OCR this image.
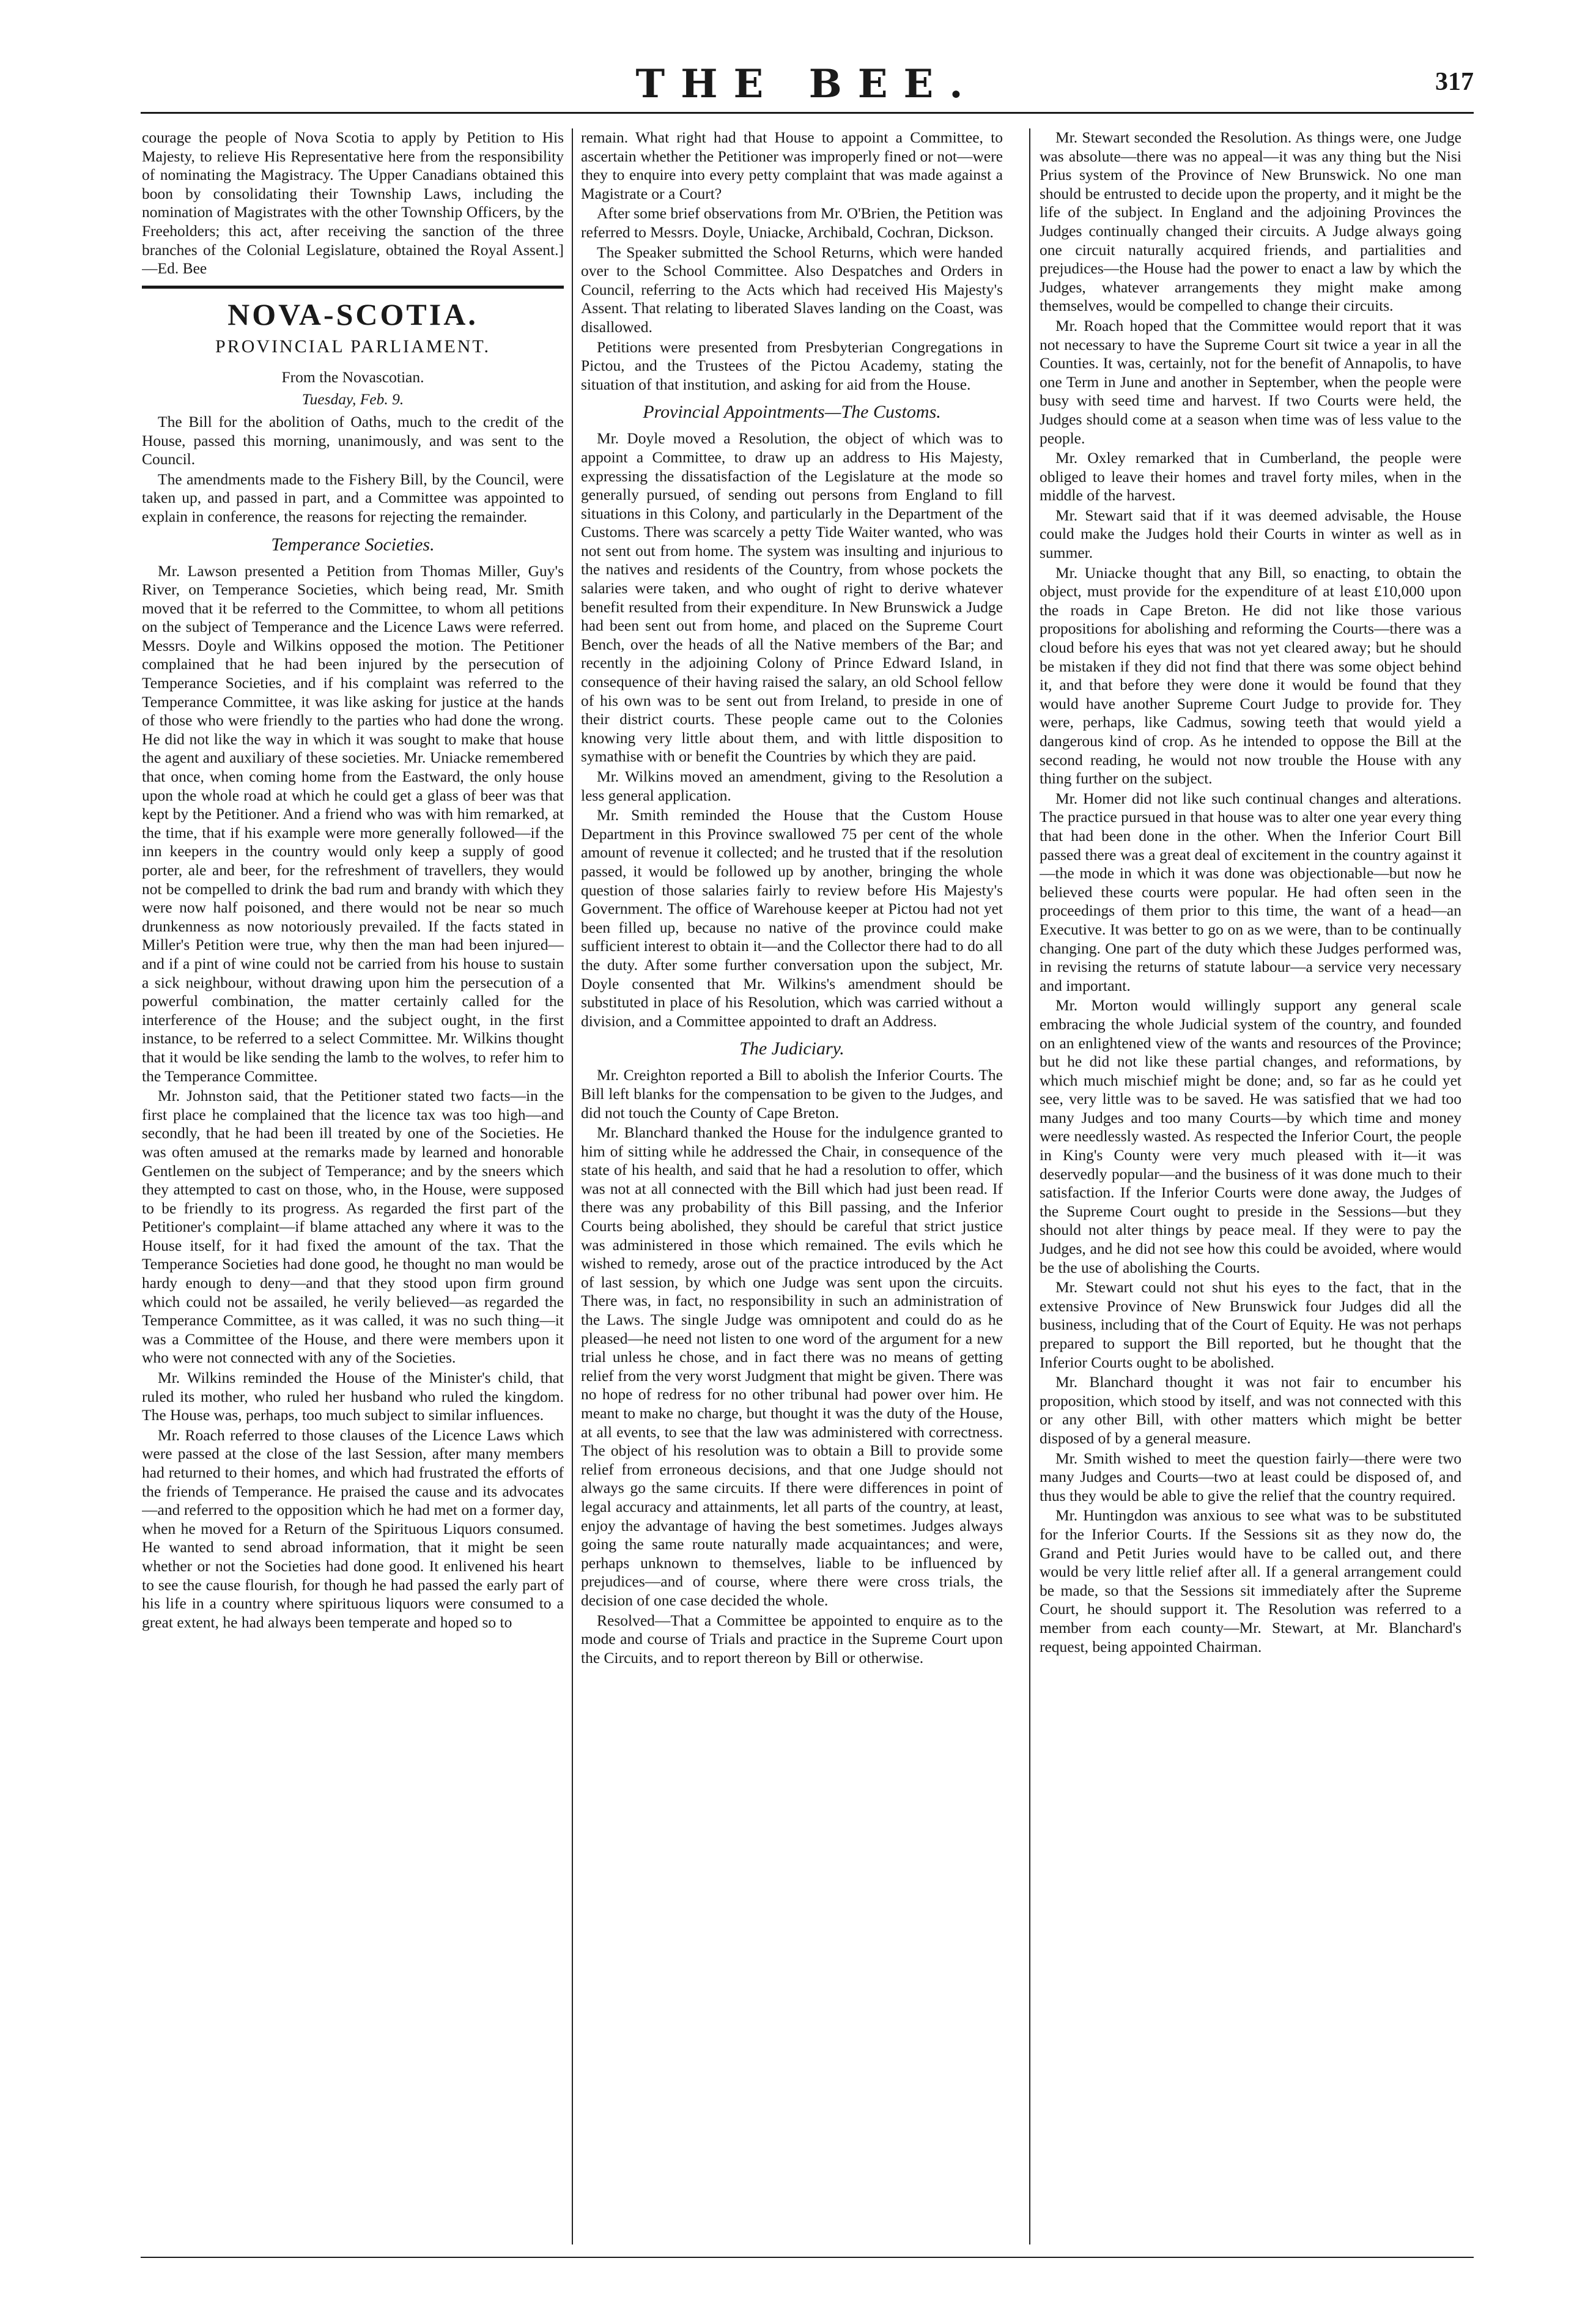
THE BEE.	317

courage the people of Nova Scotia to apply by Petition to His Majesty, to relieve His Representative here from the responsibility of nominating the Magistracy. The Upper Canadians obtained this boon by consolidating their Township Laws, including the nomination of Magistrates with the other Township Officers, by the Freeholders; this act, after receiving the sanction of the three branches of the Colonial Legislature, obtained the Royal Assent.]—Ed. Bee

NOVA-SCOTIA.
PROVINCIAL PARLIAMENT.

From the Novascotian.

Tuesday, Feb. 9.

The Bill for the abolition of Oaths, much to the credit of the House, passed this morning, unanimously, and was sent to the Council.

The amendments made to the Fishery Bill, by the Council, were taken up, and passed in part, and a Committee was appointed to explain in conference, the reasons for rejecting the remainder.

Temperance Societies.

Mr. Lawson presented a Petition from Thomas Miller, Guy's River, on Temperance Societies, which being read, Mr. Smith moved that it be referred to the Committee, to whom all petitions on the subject of Temperance and the Licence Laws were referred. Messrs. Doyle and Wilkins opposed the motion. The Petitioner complained that he had been injured by the persecution of Temperance Societies, and if his complaint was referred to the Temperance Committee, it was like asking for justice at the hands of those who were friendly to the parties who had done the wrong. He did not like the way in which it was sought to make that house the agent and auxiliary of these societies. Mr. Uniacke remembered that once, when coming home from the Eastward, the only house upon the whole road at which he could get a glass of beer was that kept by the Petitioner. And a friend who was with him remarked, at the time, that if his example were more generally followed—if the inn keepers in the country would only keep a supply of good porter, ale and beer, for the refreshment of travellers, they would not be compelled to drink the bad rum and brandy with which they were now half poisoned, and there would not be near so much drunkenness as now notoriously prevailed. If the facts stated in Miller's Petition were true, why then the man had been injured—and if a pint of wine could not be carried from his house to sustain a sick neighbour, without drawing upon him the persecution of a powerful combination, the matter certainly called for the interference of the House; and the subject ought, in the first instance, to be referred to a select Committee. Mr. Wilkins thought that it would be like sending the lamb to the wolves, to refer him to the Temperance Committee.

Mr. Johnston said, that the Petitioner stated two facts—in the first place he complained that the licence tax was too high—and secondly, that he had been ill treated by one of the Societies. He was often amused at the remarks made by learned and honorable Gentlemen on the subject of Temperance; and by the sneers which they attempted to cast on those, who, in the House, were supposed to be friendly to its progress. As regarded the first part of the Petitioner's complaint—if blame attached any where it was to the House itself, for it had fixed the amount of the tax. That the Temperance Societies had done good, he thought no man would be hardy enough to deny—and that they stood upon firm ground which could not be assailed, he verily believed—as regarded the Temperance Committee, as it was called, it was no such thing—it was a Committee of the House, and there were members upon it who were not connected with any of the Societies.

Mr. Wilkins reminded the House of the Minister's child, that ruled its mother, who ruled her husband who ruled the kingdom. The House was, perhaps, too much subject to similar influences.

Mr. Roach referred to those clauses of the Licence Laws which were passed at the close of the last Session, after many members had returned to their homes, and which had frustrated the efforts of the friends of Temperance. He praised the cause and its advocates—and referred to the opposition which he had met on a former day, when he moved for a Return of the Spirituous Liquors consumed. He wanted to send abroad information, that it might be seen whether or not the Societies had done good. It enlivened his heart to see the cause flourish, for though he had passed the early part of his life in a country where spirituous liquors were consumed to a great extent, he had always been temperate and hoped so to

remain. What right had that House to appoint a Committee, to ascertain whether the Petitioner was improperly fined or not—were they to enquire into every petty complaint that was made against a Magistrate or a Court?

After some brief observations from Mr. O'Brien, the Petition was referred to Messrs. Doyle, Uniacke, Archibald, Cochran, Dickson.

The Speaker submitted the School Returns, which were handed over to the School Committee. Also Despatches and Orders in Council, referring to the Acts which had received His Majesty's Assent. That relating to liberated Slaves landing on the Coast, was disallowed.

Petitions were presented from Presbyterian Congregations in Pictou, and the Trustees of the Pictou Academy, stating the situation of that institution, and asking for aid from the House.

Provincial Appointments—The Customs.

Mr. Doyle moved a Resolution, the object of which was to appoint a Committee, to draw up an address to His Majesty, expressing the dissatisfaction of the Legislature at the mode so generally pursued, of sending out persons from England to fill situations in this Colony, and particularly in the Department of the Customs. There was scarcely a petty Tide Waiter wanted, who was not sent out from home. The system was insulting and injurious to the natives and residents of the Country, from whose pockets the salaries were taken, and who ought of right to derive whatever benefit resulted from their expenditure. In New Brunswick a Judge had been sent out from home, and placed on the Supreme Court Bench, over the heads of all the Native members of the Bar; and recently in the adjoining Colony of Prince Edward Island, in consequence of their having raised the salary, an old School fellow of his own was to be sent out from Ireland, to preside in one of their district courts. These people came out to the Colonies knowing very little about them, and with little disposition to symathise with or benefit the Countries by which they are paid.

Mr. Wilkins moved an amendment, giving to the Resolution a less general application.

Mr. Smith reminded the House that the Custom House Department in this Province swallowed 75 per cent of the whole amount of revenue it collected; and he trusted that if the resolution passed, it would be followed up by another, bringing the whole question of those salaries fairly to review before His Majesty's Government. The office of Warehouse keeper at Pictou had not yet been filled up, because no native of the province could make sufficient interest to obtain it—and the Collector there had to do all the duty. After some further conversation upon the subject, Mr. Doyle consented that Mr. Wilkins's amendment should be substituted in place of his Resolution, which was carried without a division, and a Committee appointed to draft an Address.

The Judiciary.

Mr. Creighton reported a Bill to abolish the Inferior Courts. The Bill left blanks for the compensation to be given to the Judges, and did not touch the County of Cape Breton.

Mr. Blanchard thanked the House for the indulgence granted to him of sitting while he addressed the Chair, in consequence of the state of his health, and said that he had a resolution to offer, which was not at all connected with the Bill which had just been read. If there was any probability of this Bill passing, and the Inferior Courts being abolished, they should be careful that strict justice was administered in those which remained. The evils which he wished to remedy, arose out of the practice introduced by the Act of last session, by which one Judge was sent upon the circuits. There was, in fact, no responsibility in such an administration of the Laws. The single Judge was omnipotent and could do as he pleased—he need not listen to one word of the argument for a new trial unless he chose, and in fact there was no means of getting relief from the very worst Judgment that might be given. There was no hope of redress for no other tribunal had power over him. He meant to make no charge, but thought it was the duty of the House, at all events, to see that the law was administered with correctness. The object of his resolution was to obtain a Bill to provide some relief from erroneous decisions, and that one Judge should not always go the same circuits. If there were differences in point of legal accuracy and attainments, let all parts of the country, at least, enjoy the advantage of having the best sometimes. Judges always going the same route naturally made acquaintances; and were, perhaps unknown to themselves, liable to be influenced by prejudices—and of course, where there were cross trials, the decision of one case decided the whole.

Resolved—That a Committee be appointed to enquire as to the mode and course of Trials and practice in the Supreme Court upon the Circuits, and to report thereon by Bill or otherwise.

Mr. Stewart seconded the Resolution. As things were, one Judge was absolute—there was no appeal—it was any thing but the Nisi Prius system of the Province of New Brunswick. No one man should be entrusted to decide upon the property, and it might be the life of the subject. In England and the adjoining Provinces the Judges continually changed their circuits. A Judge always going one circuit naturally acquired friends, and partialities and prejudices—the House had the power to enact a law by which the Judges, whatever arrangements they might make among themselves, would be compelled to change their circuits.

Mr. Roach hoped that the Committee would report that it was not necessary to have the Supreme Court sit twice a year in all the Counties. It was, certainly, not for the benefit of Annapolis, to have one Term in June and another in September, when the people were busy with seed time and harvest. If two Courts were held, the Judges should come at a season when time was of less value to the people.

Mr. Oxley remarked that in Cumberland, the people were obliged to leave their homes and travel forty miles, when in the middle of the harvest.

Mr. Stewart said that if it was deemed advisable, the House could make the Judges hold their Courts in winter as well as in summer.

Mr. Uniacke thought that any Bill, so enacting, to obtain the object, must provide for the expenditure of at least £10,000 upon the roads in Cape Breton. He did not like those various propositions for abolishing and reforming the Courts—there was a cloud before his eyes that was not yet cleared away; but he should be mistaken if they did not find that there was some object behind it, and that before they were done it would be found that they would have another Supreme Court Judge to provide for. They were, perhaps, like Cadmus, sowing teeth that would yield a dangerous kind of crop. As he intended to oppose the Bill at the second reading, he would not now trouble the House with any thing further on the subject.

Mr. Homer did not like such continual changes and alterations. The practice pursued in that house was to alter one year every thing that had been done in the other. When the Inferior Court Bill passed there was a great deal of excitement in the country against it—the mode in which it was done was objectionable—but now he believed these courts were popular. He had often seen in the proceedings of them prior to this time, the want of a head—an Executive. It was better to go on as we were, than to be continually changing. One part of the duty which these Judges performed was, in revising the returns of statute labour—a service very necessary and important.

Mr. Morton would willingly support any general scale embracing the whole Judicial system of the country, and founded on an enlightened view of the wants and resources of the Province; but he did not like these partial changes, and reformations, by which much mischief might be done; and, so far as he could yet see, very little was to be saved. He was satisfied that we had too many Judges and too many Courts—by which time and money were needlessly wasted. As respected the Inferior Court, the people in King's County were very much pleased with it—it was deservedly popular—and the business of it was done much to their satisfaction. If the Inferior Courts were done away, the Judges of the Supreme Court ought to preside in the Sessions—but they should not alter things by peace meal. If they were to pay the Judges, and he did not see how this could be avoided, where would be the use of abolishing the Courts.

Mr. Stewart could not shut his eyes to the fact, that in the extensive Province of New Brunswick four Judges did all the business, including that of the Court of Equity. He was not perhaps prepared to support the Bill reported, but he thought that the Inferior Courts ought to be abolished.

Mr. Blanchard thought it was not fair to encumber his proposition, which stood by itself, and was not connected with this or any other Bill, with other matters which might be better disposed of by a general measure.

Mr. Smith wished to meet the question fairly—there were two many Judges and Courts—two at least could be disposed of, and thus they would be able to give the relief that the country required.

Mr. Huntingdon was anxious to see what was to be substituted for the Inferior Courts. If the Sessions sit as they now do, the Grand and Petit Juries would have to be called out, and there would be very little relief after all. If a general arrangement could be made, so that the Sessions sit immediately after the Supreme Court, he should support it. The Resolution was referred to a member from each county—Mr. Stewart, at Mr. Blanchard's request, being appointed Chairman.
